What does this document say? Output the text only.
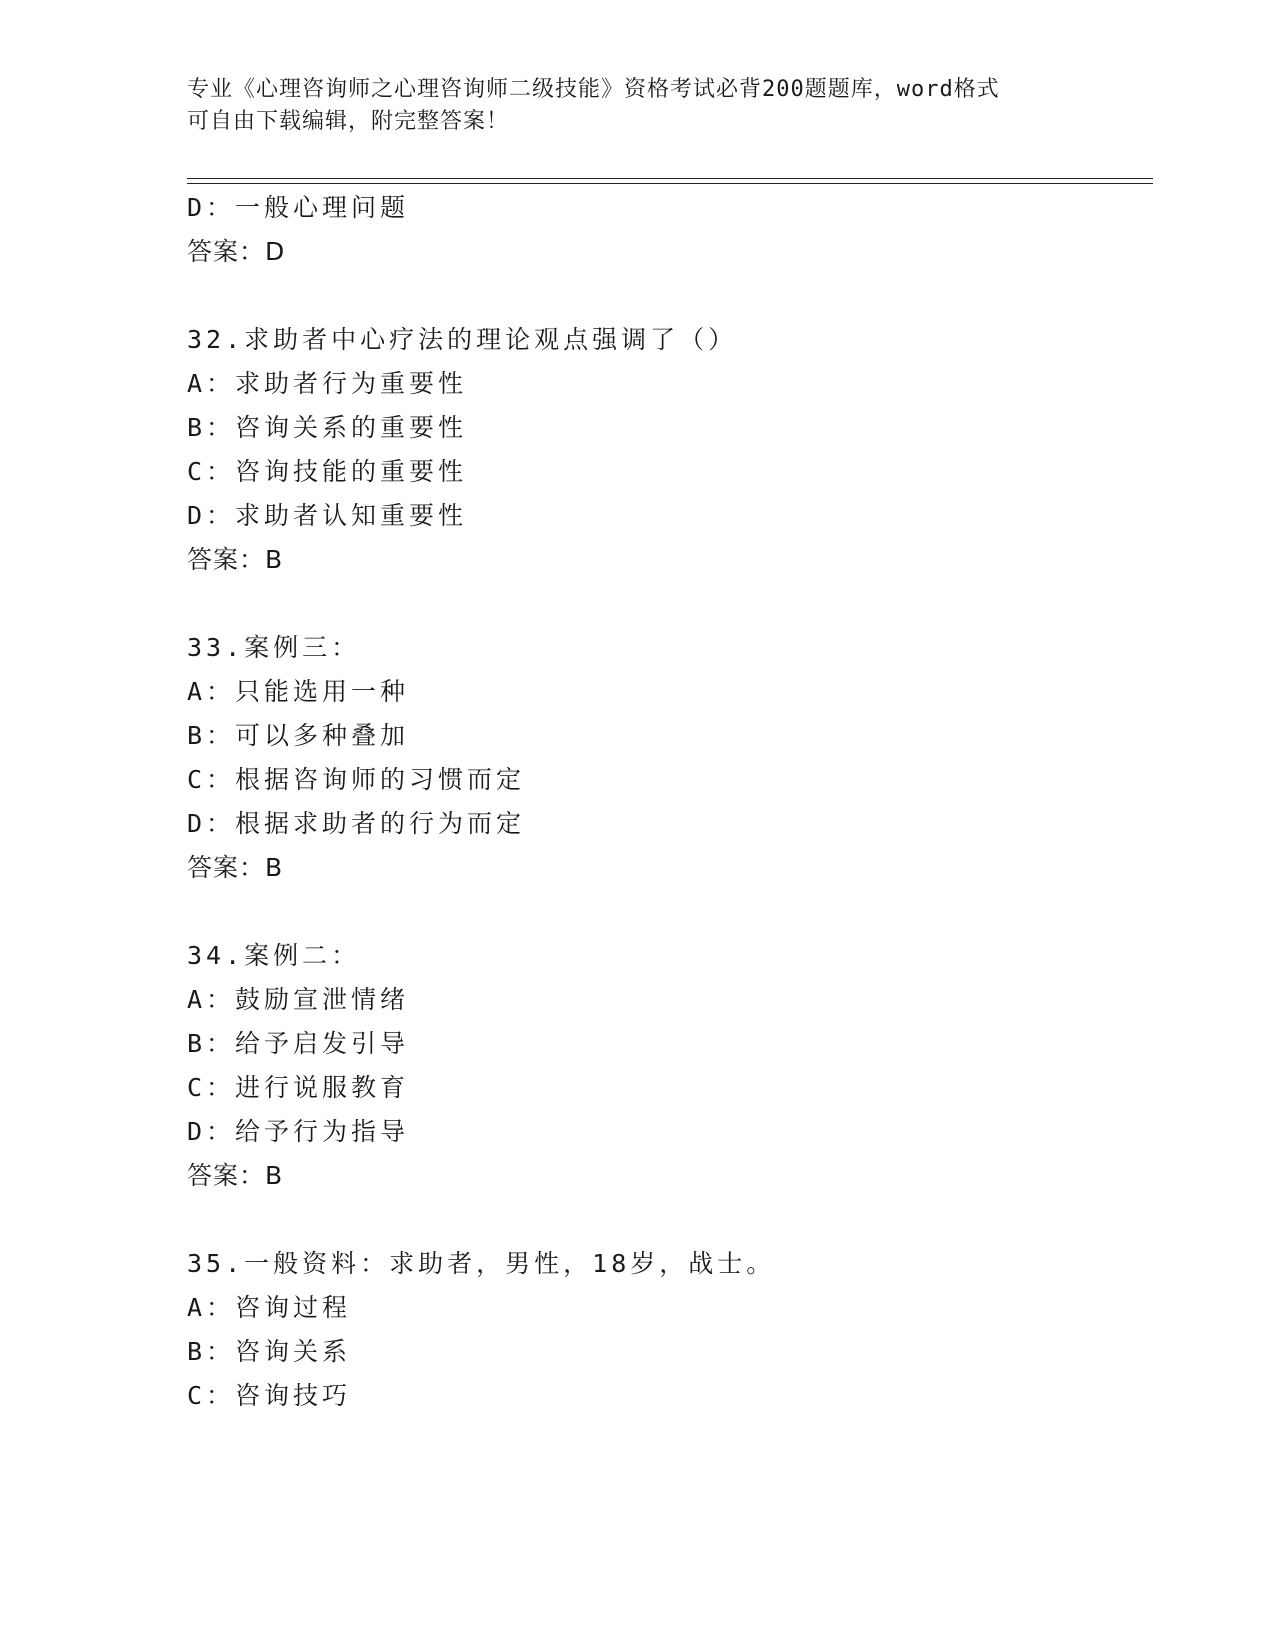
专业《心理咨询师之心理咨询师二级技能》资格考试必背200题题库，word格式
可自由下载编辑，附完整答案！
D：一般心理问题
答案：D
32.求助者中心疗法的理论观点强调了（）
A：求助者行为重要性
B：咨询关系的重要性
C：咨询技能的重要性
D：求助者认知重要性
答案：B
33.案例三：
A：只能选用一种
B：可以多种叠加
C：根据咨询师的习惯而定
D：根据求助者的行为而定
答案：B
34.案例二：
A：鼓励宣泄情绪
B：给予启发引导
C：进行说服教育
D：给予行为指导
答案：B
35.一般资料：求助者，男性，18岁，战士。
A：咨询过程
B：咨询关系
C：咨询技巧
